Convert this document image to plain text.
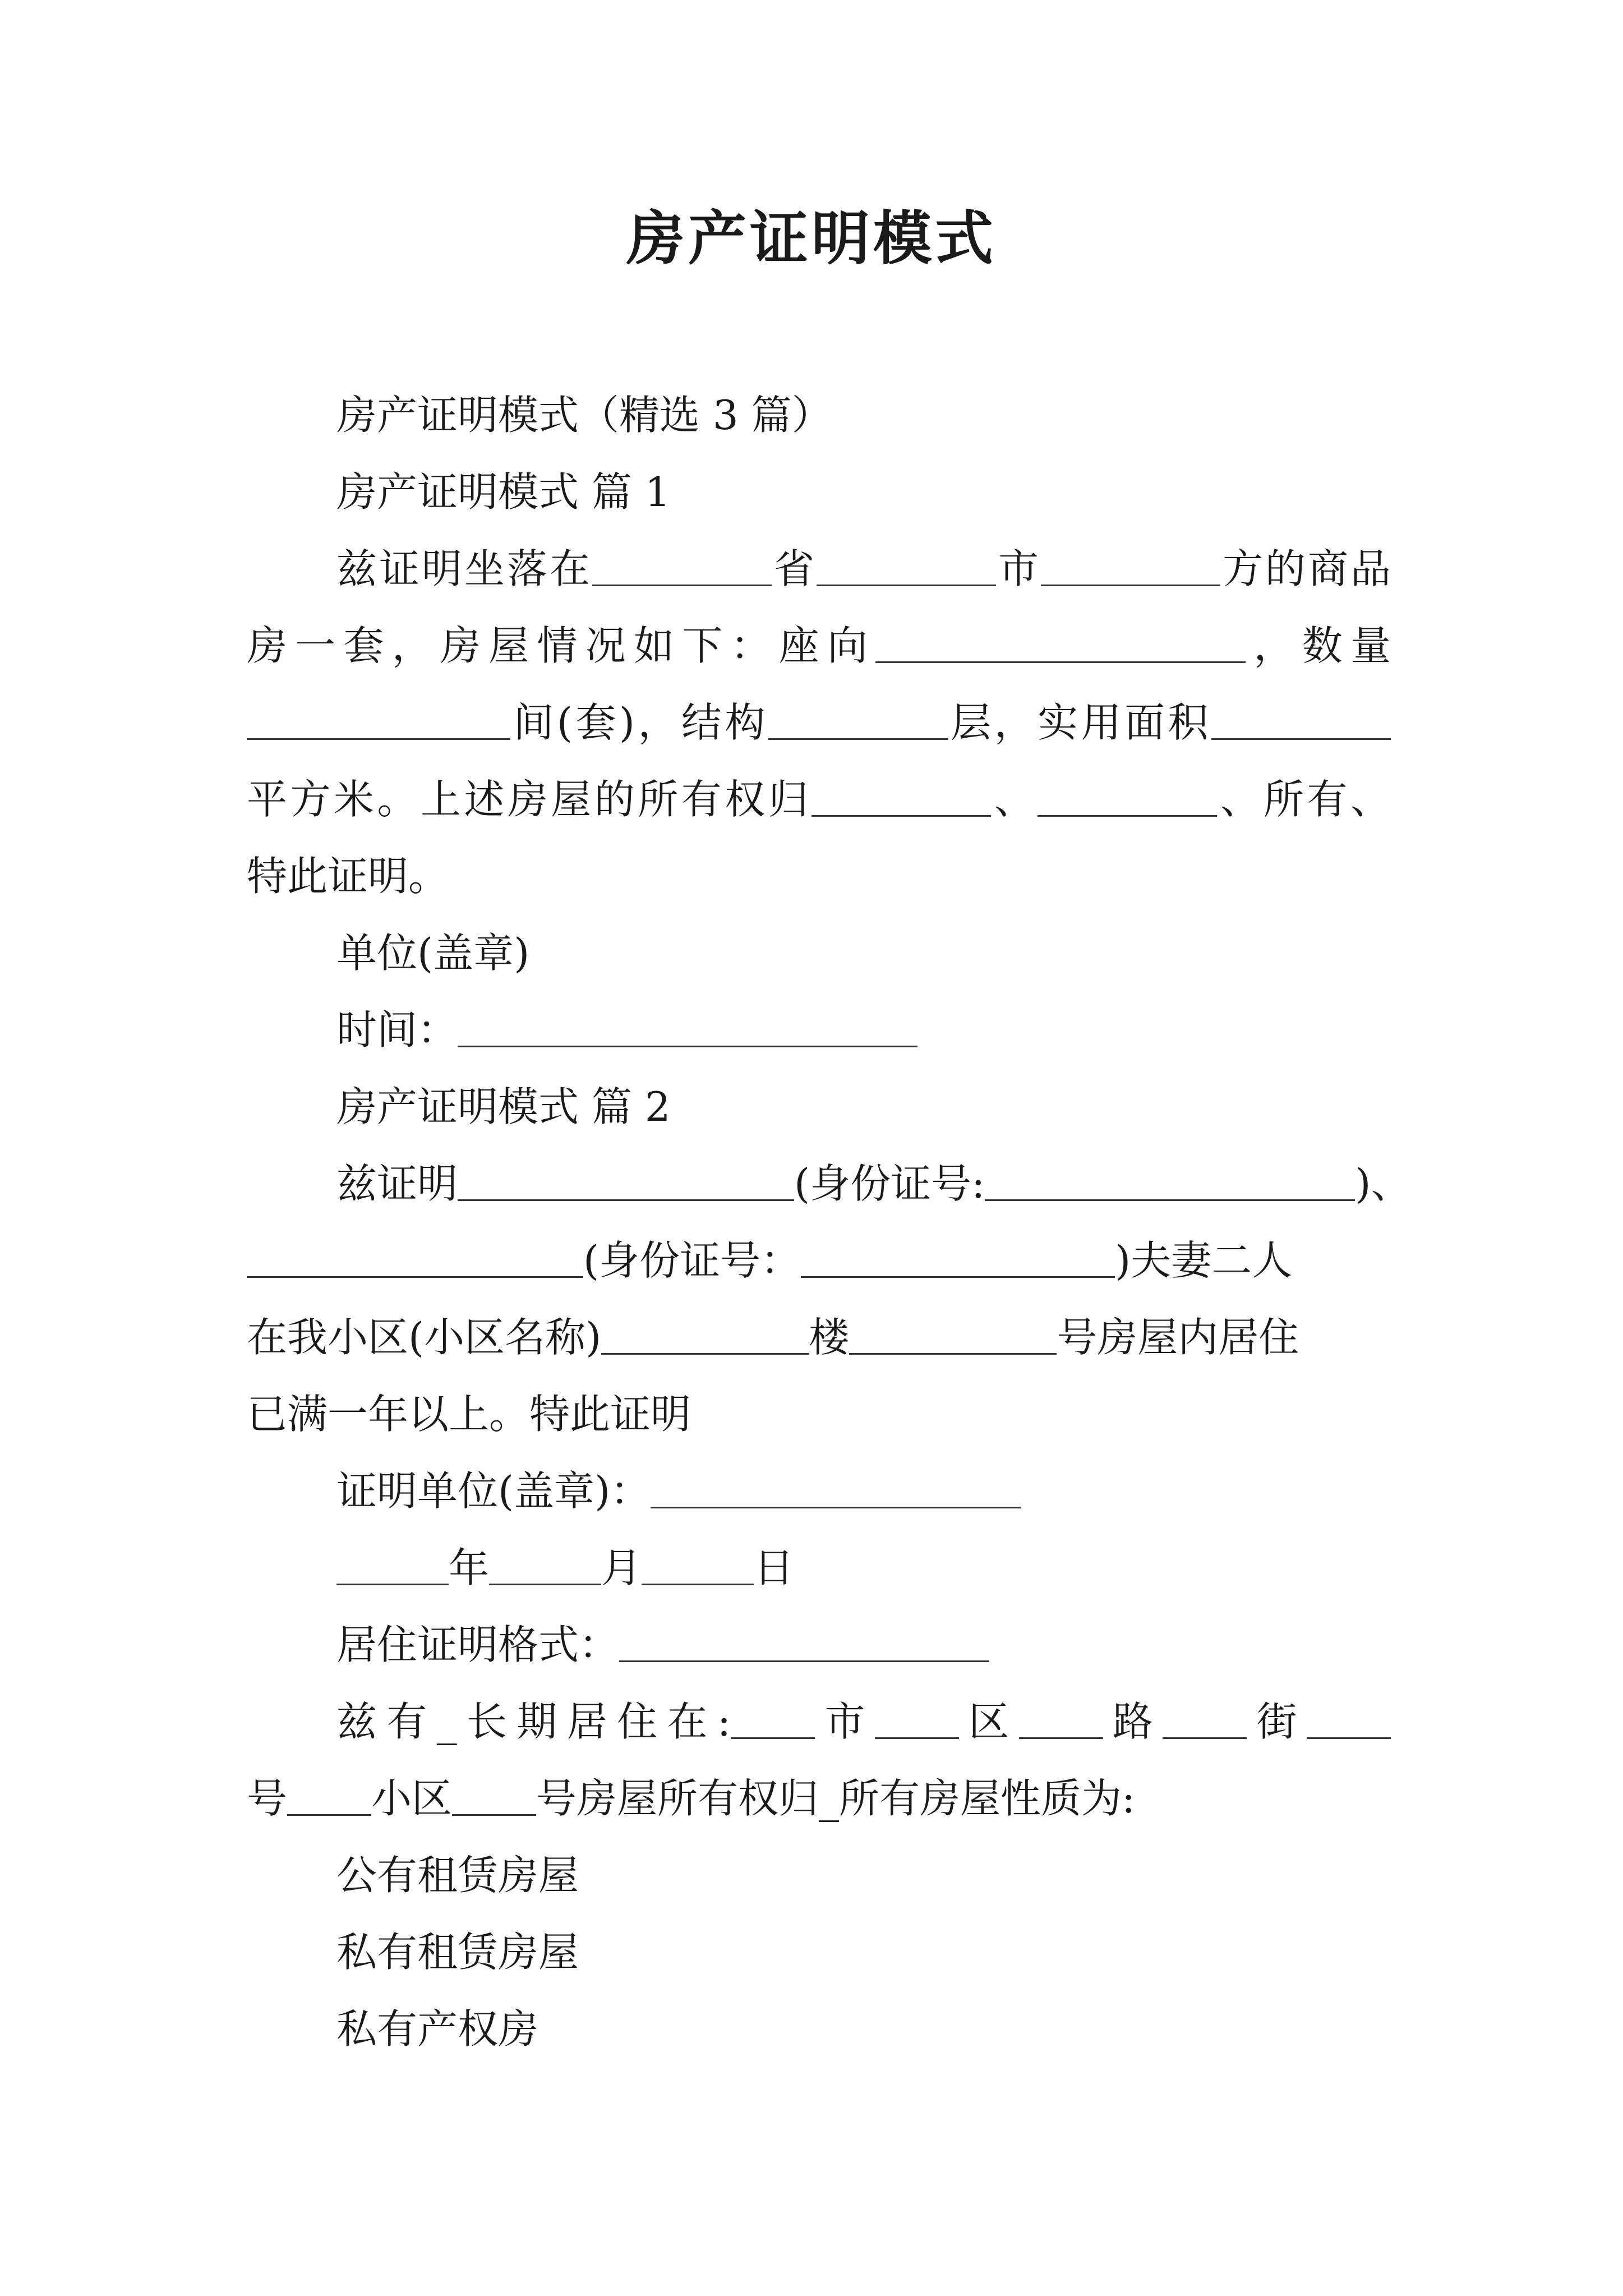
房产证明模式

房产证明模式（精选 3 篇）

房产证明模式 篇 1

兹证明坐落在	省	市	方的商品

房一套，房屋情况如下：座向	，数量

间(套)，结构	层，实用面积

平方米。上述房屋的所有权归	、	、所有、

特此证明。

单位(盖章)

时间：

房产证明模式 篇 2

兹证明	(身份证号:	)、

(身份证号：	)夫妻二人

在我小区(小区名称)	楼	号房屋内居住

已满一年以上。特此证明

证明单位(盖章)：

年	月	日

居住证明格式：

兹有_长期居住在: 市 区 路 街

号 小区 号房屋所有权归_所有房屋性质为:

公有租赁房屋

私有租赁房屋

私有产权房
